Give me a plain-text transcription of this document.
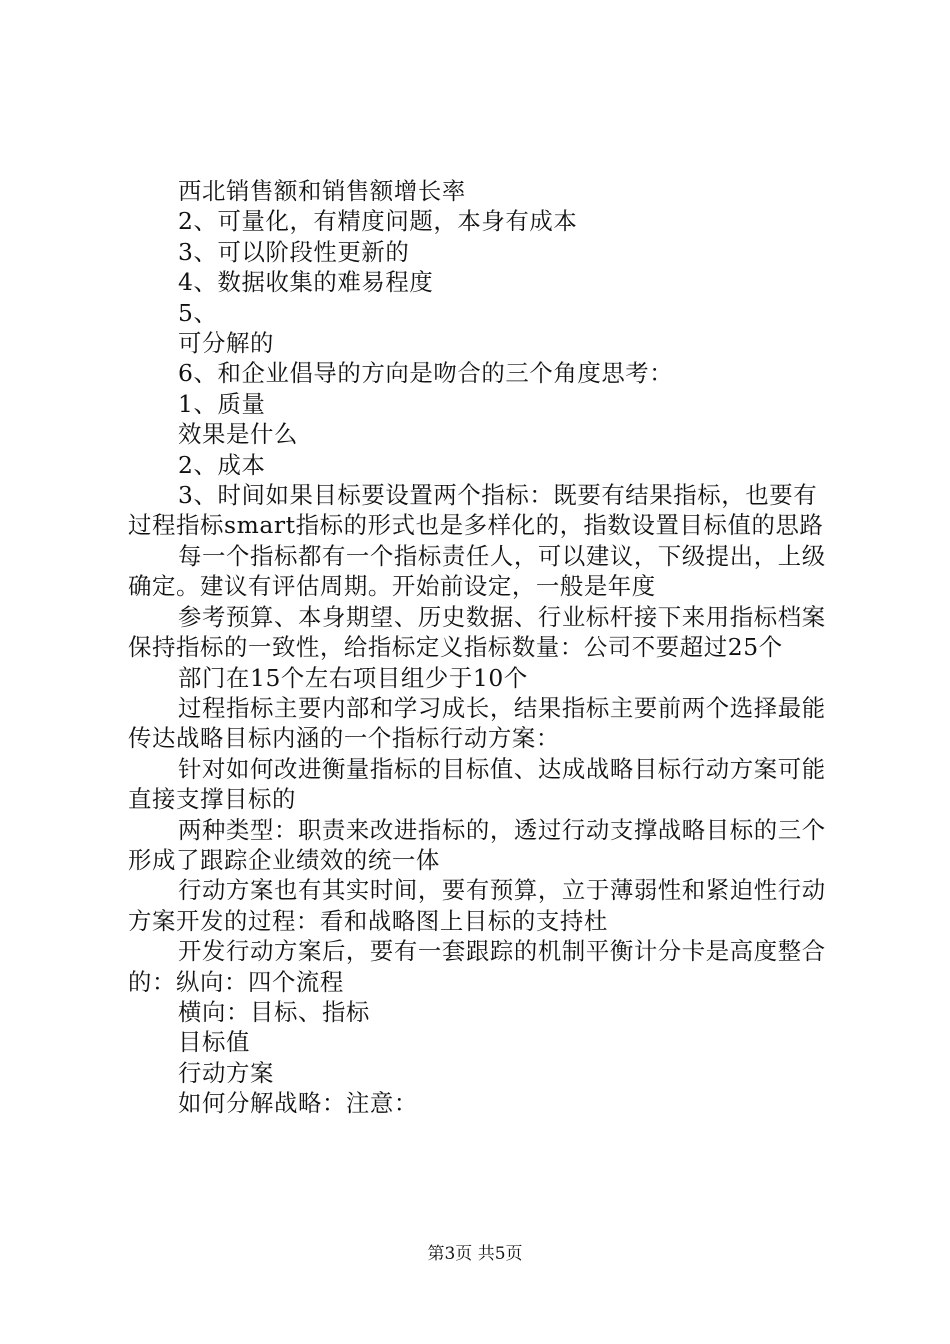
西北销售额和销售额增长率

2、可量化，有精度问题，本身有成本

3、可以阶段性更新的

4、数据收集的难易程度

5、

可分解的

6、和企业倡导的方向是吻合的三个角度思考：

1、质量

效果是什么

2、成本

3、时间如果目标要设置两个指标：既要有结果指标，也要有过程指标smart指标的形式也是多样化的，指数设置目标值的思路

每一个指标都有一个指标责任人，可以建议，下级提出，上级确定。建议有评估周期。开始前设定，一般是年度

参考预算、本身期望、历史数据、行业标杆接下来用指标档案保持指标的一致性，给指标定义指标数量：公司不要超过25个

部门在15个左右项目组少于10个

过程指标主要内部和学习成长，结果指标主要前两个选择最能传达战略目标内涵的一个指标行动方案：

针对如何改进衡量指标的目标值、达成战略目标行动方案可能直接支撑目标的

两种类型：职责来改进指标的，透过行动支撑战略目标的三个形成了跟踪企业绩效的统一体

行动方案也有其实时间，要有预算，立于薄弱性和紧迫性行动方案开发的过程：看和战略图上目标的支持杜

开发行动方案后，要有一套跟踪的机制平衡计分卡是高度整合的：纵向：四个流程

横向：目标、指标

目标值

行动方案

如何分解战略：注意：

第3页 共5页
